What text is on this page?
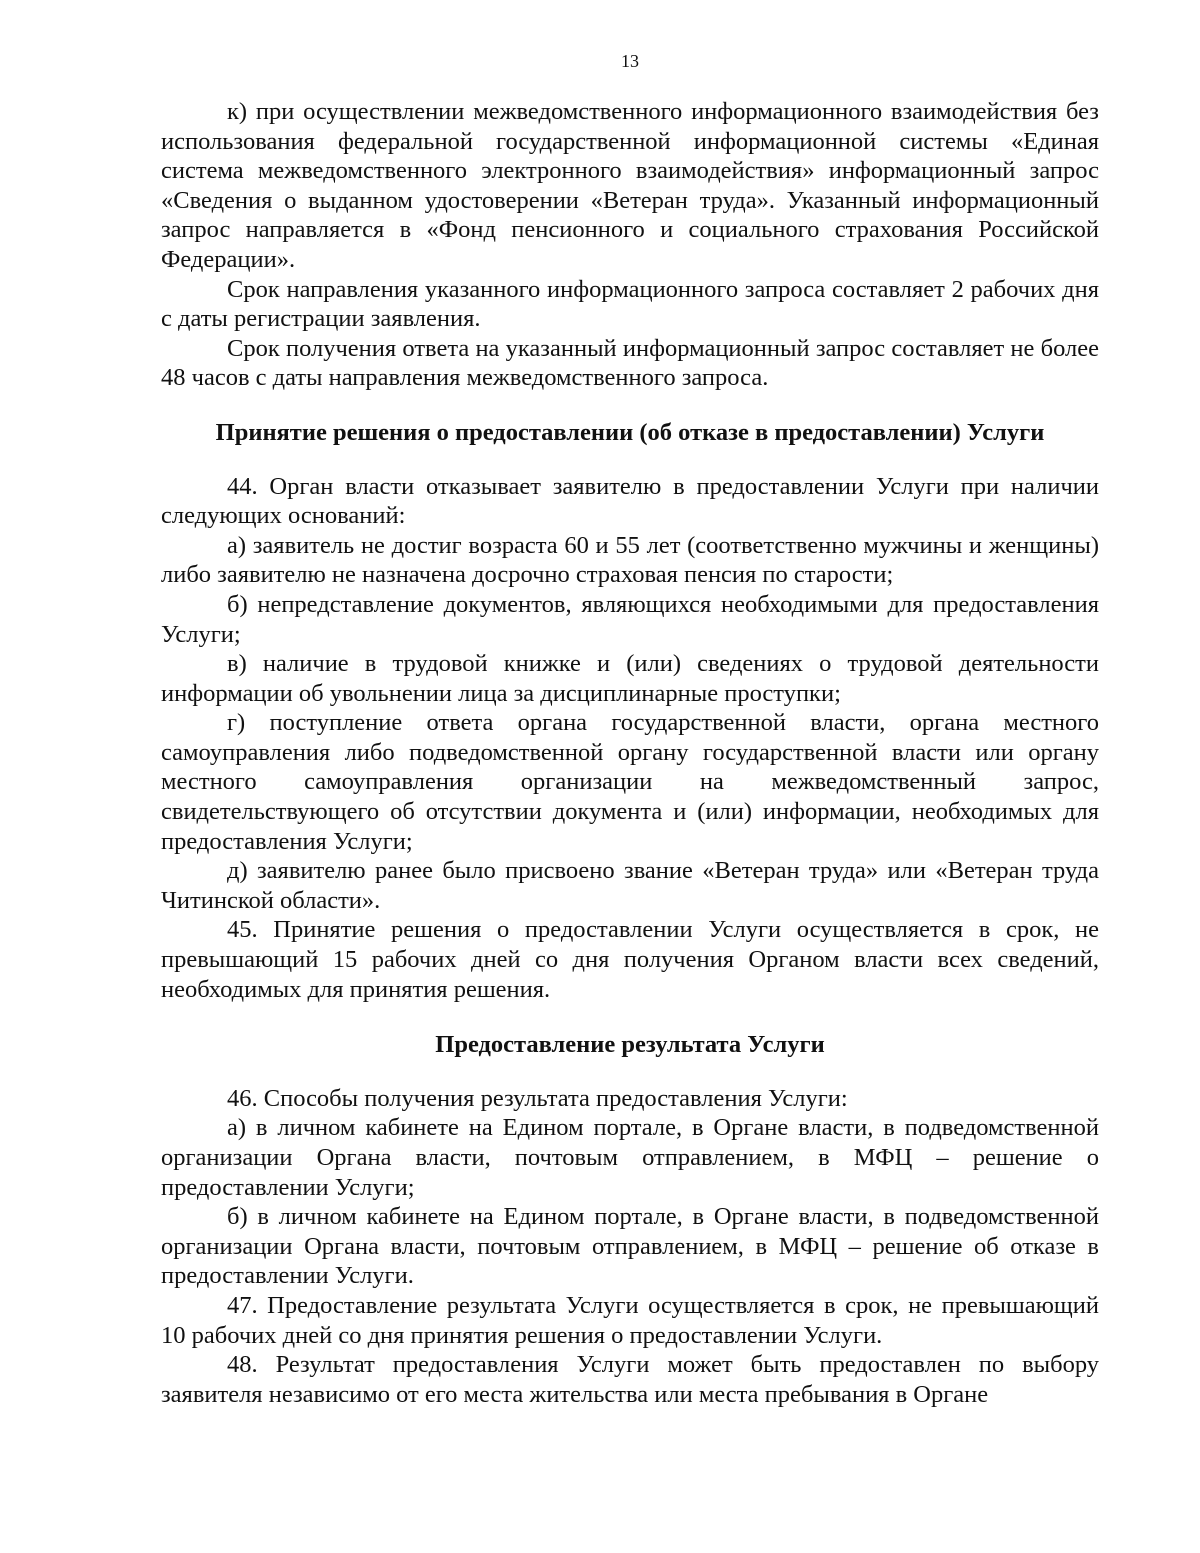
13

к) при осуществлении межведомственного информационного взаимодействия без использования федеральной государственной информационной системы «Единая система межведомственного электронного взаимодействия» информационный запрос «Сведения о выданном удостоверении «Ветеран труда». Указанный информационный запрос направляется в «Фонд пенсионного и социального страхования Российской Федерации».

Срок направления указанного информационного запроса составляет 2 рабочих дня с даты регистрации заявления.

Срок получения ответа на указанный информационный запрос составляет не более 48 часов с даты направления межведомственного запроса.

Принятие решения о предоставлении (об отказе в предоставлении) Услуги

44. Орган власти отказывает заявителю в предоставлении Услуги при наличии следующих оснований:

а) заявитель не достиг возраста 60 и 55 лет (соответственно мужчины и женщины) либо заявителю не назначена досрочно страховая пенсия по старости;

б) непредставление документов, являющихся необходимыми для предоставления Услуги;

в) наличие в трудовой книжке и (или) сведениях о трудовой деятельности информации об увольнении лица за дисциплинарные проступки;

г) поступление ответа органа государственной власти, органа местного самоуправления либо подведомственной органу государственной власти или органу местного самоуправления организации на межведомственный запрос, свидетельствующего об отсутствии документа и (или) информации, необходимых для предоставления Услуги;

д) заявителю ранее было присвоено звание «Ветеран труда» или «Ветеран труда Читинской области».

45. Принятие решения о предоставлении Услуги осуществляется в срок, не превышающий 15 рабочих дней со дня получения Органом власти всех сведений, необходимых для принятия решения.

Предоставление результата Услуги

46. Способы получения результата предоставления Услуги:

а) в личном кабинете на Едином портале, в Органе власти, в подведомственной организации Органа власти, почтовым отправлением, в МФЦ – решение о предоставлении Услуги;

б) в личном кабинете на Едином портале, в Органе власти, в подведомственной организации Органа власти, почтовым отправлением, в МФЦ – решение об отказе в предоставлении Услуги.

47. Предоставление результата Услуги осуществляется в срок, не превышающий 10 рабочих дней со дня принятия решения о предоставлении Услуги.

48. Результат предоставления Услуги может быть предоставлен по выбору заявителя независимо от его места жительства или места пребывания в Органе
